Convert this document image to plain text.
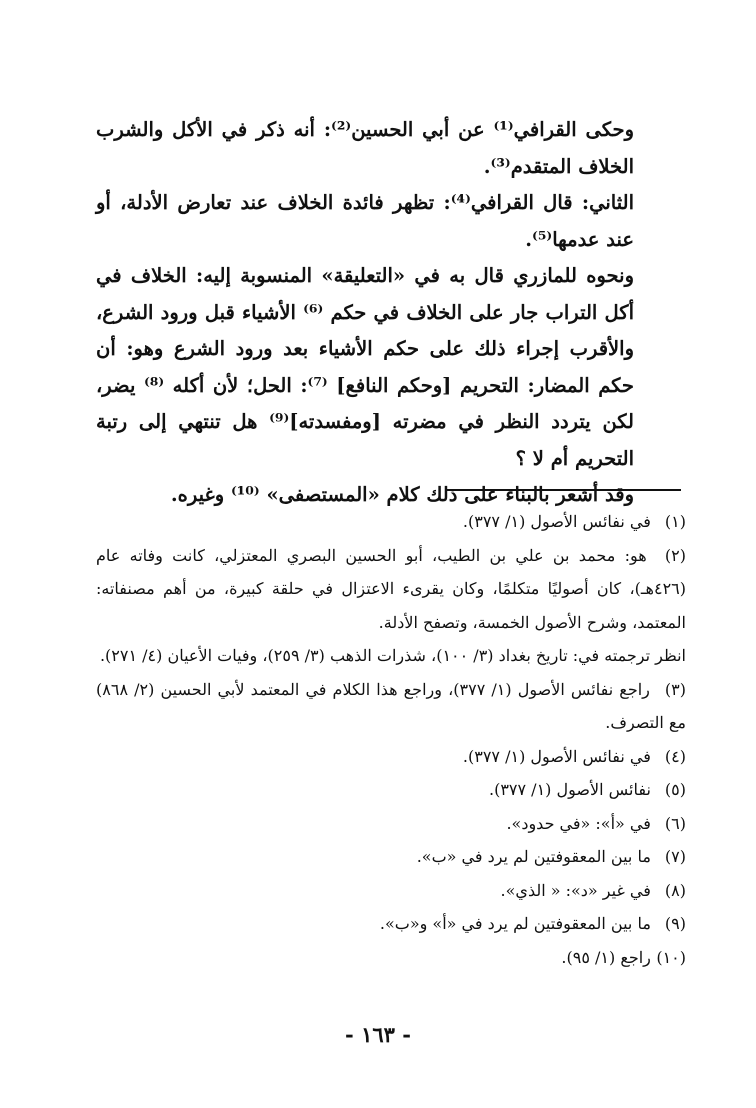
وحكى القرافي⁽¹⁾ عن أبي الحسين⁽²⁾: أنه ذكر في الأكل والشرب الخلاف المتقدم⁽³⁾.

الثاني: قال القرافي⁽⁴⁾: تظهر فائدة الخلاف عند تعارض الأدلة، أو عند عدمها⁽⁵⁾.

ونحوه للمازري قال به في «التعليقة» المنسوبة إليه: الخلاف في أكل التراب جار على الخلاف في حكم ⁽⁶⁾ الأشياء قبل ورود الشرع، والأقرب إجراء ذلك على حكم الأشياء بعد ورود الشرع وهو: أن حكم المضار: التحريم [وحكم النافع] ⁽⁷⁾: الحل؛ لأن أكله ⁽⁸⁾ يضر، لكن يتردد النظر في مضرته [ومفسدته]⁽⁹⁾ هل تنتهي إلى رتبة التحريم أم لا ؟

وقد أشعر بالبناء على ذلك كلام «المستصفى» ⁽¹⁰⁾ وغيره.

(١) في نفائس الأصول (١/ ٣٧٧).

(٢) هو: محمد بن علي بن الطيب، أبو الحسين البصري المعتزلي، كانت وفاته عام (٤٢٦هـ)، كان أصوليًا متكلمًا، وكان يقرىء الاعتزال في حلقة كبيرة، من أهم مصنفاته: المعتمد، وشرح الأصول الخمسة، وتصفح الأدلة.

انظر ترجمته في: تاريخ بغداد (٣/ ١٠٠)، شذرات الذهب (٣/ ٢٥٩)، وفيات الأعيان (٤/ ٢٧١).

(٣) راجع نفائس الأصول (١/ ٣٧٧)، وراجع هذا الكلام في المعتمد لأبي الحسين (٢/ ٨٦٨) مع التصرف.

(٤) في نفائس الأصول (١/ ٣٧٧).

(٥) نفائس الأصول (١/ ٣٧٧).

(٦) في «أ»: «في حدود».

(٧) ما بين المعقوفتين لم يرد في «ب».

(٨) في غير «د»: « الذي».

(٩) ما بين المعقوفتين لم يرد في «أ» و«ب».

(١٠) راجع (١/ ٩٥).

- ١٦٣ -
